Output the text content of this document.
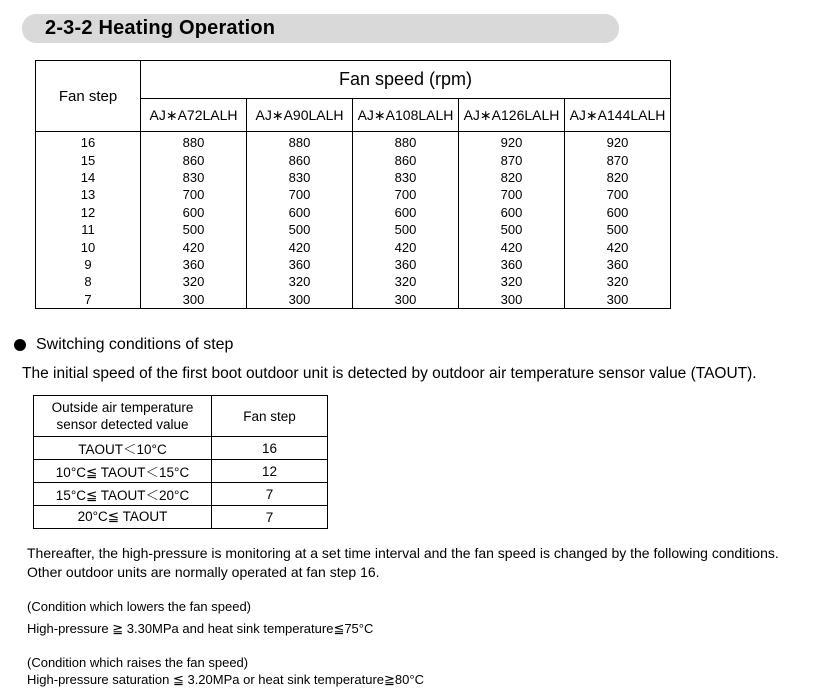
2-3-2 Heating Operation
Fan step	Fan speed (rpm)				
	AJ∗A72LALH	AJ∗A90LALH	AJ∗A108LALH	AJ∗A126LALH	AJ∗A144LALH
16	880	880	880	920	920
15	860	860	860	870	870
14	830	830	830	820	820
13	700	700	700	700	700
12	600	600	600	600	600
11	500	500	500	500	500
10	420	420	420	420	420
9	360	360	360	360	360
8	320	320	320	320	320
7	300	300	300	300	300
Switching conditions of step
The initial speed of the first boot outdoor unit is detected by outdoor air temperature sensor value (TAOUT).
Outside air temperature
sensor detected value	Fan step
TAOUT＜10°C	16
10°C≦ TAOUT＜15°C	12
15°C≦ TAOUT＜20°C	7
20°C≦ TAOUT	7
Thereafter, the high-pressure is monitoring at a set time interval and the fan speed is changed by the following conditions.
Other outdoor units are normally operated at fan step 16.
(Condition which lowers the fan speed)
High-pressure ≧ 3.30MPa and heat sink temperature≦75°C
(Condition which raises the fan speed)
High-pressure saturation ≦ 3.20MPa or heat sink temperature≧80°C
